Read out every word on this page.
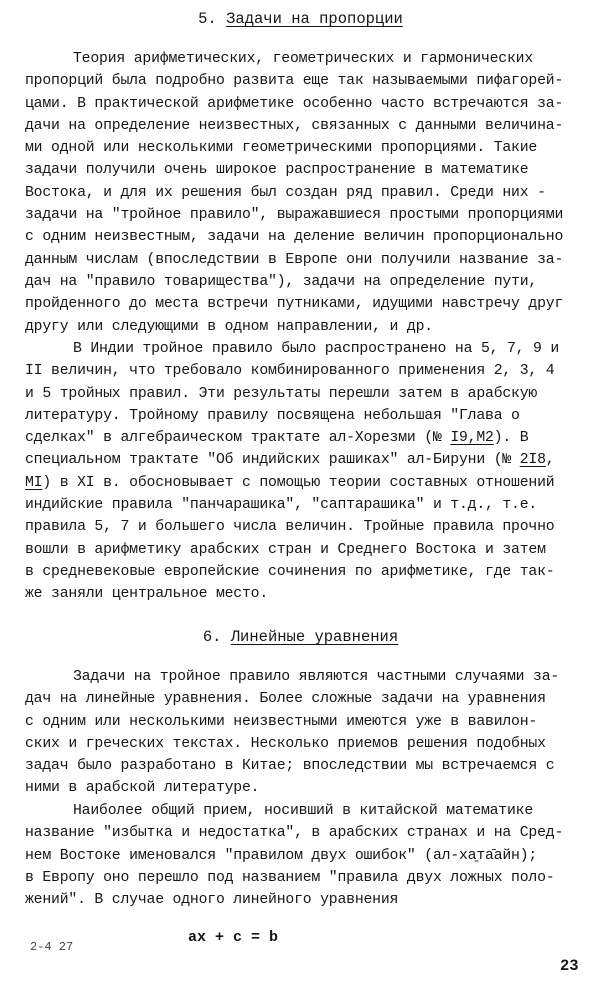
5. Задачи на пропорции
Теория арифметических, геометрических и гармонических
пропорций была подробно развита еще так называемыми пифагорей-
цами. В практической арифметике особенно часто встречаются за-
дачи на определение неизвестных, связанных с данными величина-
ми одной или несколькими геометрическими пропорциями. Такие
задачи получили очень широкое распространение в математике
Востока, и для их решения был создан ряд правил. Среди них -
задачи на "тройное правило", выражавшиеся простыми пропорциями
с одним неизвестным, задачи на деление величин пропорционально
данным числам (впоследствии в Европе они получили название за-
дач на "правило товарищества"), задачи на определение пути,
пройденного до места встречи путниками, идущими навстречу друг
другу или следующими в одном направлении, и др.
В Индии тройное правило было распространено на 5, 7, 9 и
II величин, что требовало комбинированного применения 2, 3, 4
и 5 тройных правил. Эти результаты перешли затем в арабскую
литературу. Тройному правилу посвящена небольшая "Глава о
сделках" в алгебраическом трактате ал-Хорезми (№ I9,M2). В
специальном трактате "Об индийских рашиках" ал-Бируни (№ 2I8,
MI) в XI в. обосновывает с помощью теории составных отношений
индийские правила "панчарашика", "саптарашика" и т.д., т.е.
правила 5, 7 и большего числа величин. Тройные правила прочно
вошли в арифметику арабских стран и Среднего Востока и затем
в средневековые европейские сочинения по арифметике, где так-
же заняли центральное место.
6. Линейные уравнения
Задачи на тройное правило являются частными случаями за-
дач на линейные уравнения. Более сложные задачи на уравнения
с одним или несколькими неизвестными имеются уже в вавилон-
ских и греческих текстах. Несколько приемов решения подобных
задач было разработано в Китае; впоследствии мы встречаемся с
ними в арабской литературе.
Наиболее общий прием, носивший в китайской математике
название "избытка и недостатка", в арабских странах и на Сред-
нем Востоке именовался "правилом двух ошибок" (ал-ха̱та̄айн);
в Европу оно перешло под названием "правила двух ложных поло-
жений". В случае одного линейного уравнения
ax + c = b
2-4 27
23
